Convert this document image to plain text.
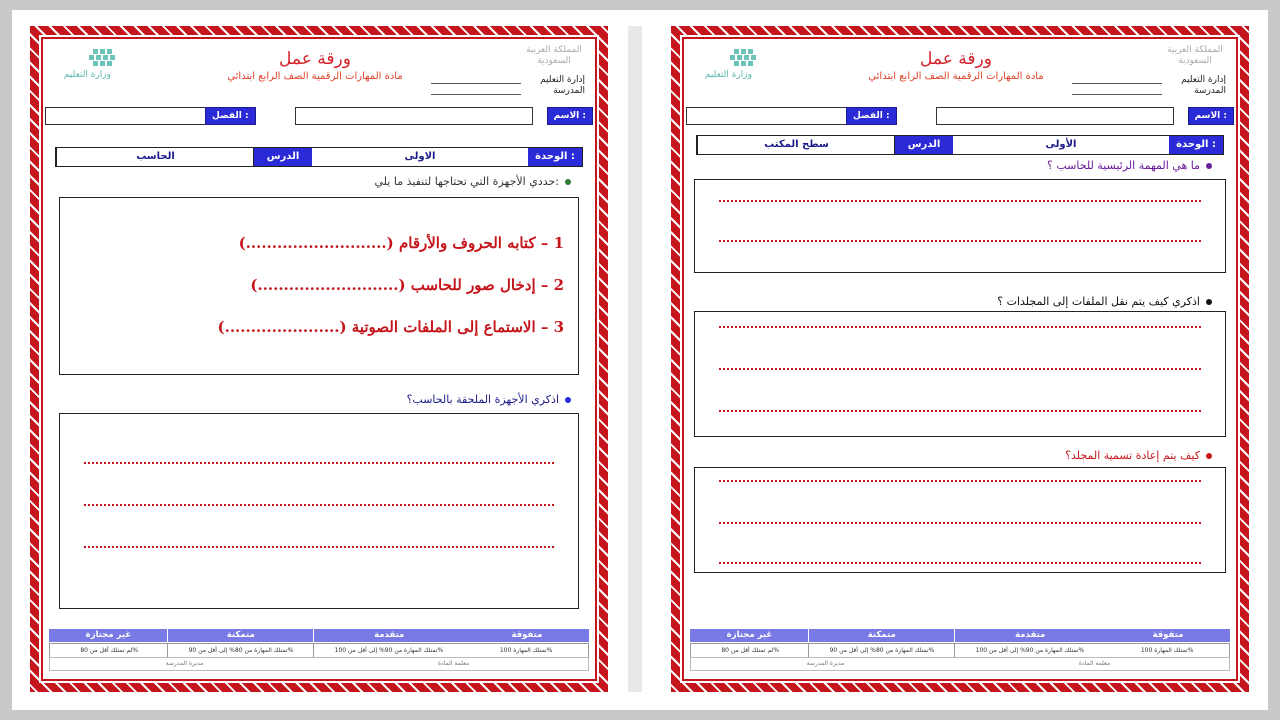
وزارة التعليم
ورقة عمل
مادة المهارات الرقمية الصف الرابع ابتدائي
المملكة العربية السعودية
إدارة التعليم
المدرسة
الاسم :
الفصل :
الوحدة :
الاولى
الدرس
الحاسب
حددي الأجهزة التي تحتاجها لتنفيذ ما يلي:
1 – كتابه الحروف والأرقام (...........................)
2 – إدخال صور للحاسب (...........................)
3 – الاستماع إلى الملفات الصوتية (......................)
اذكري الأجهزة الملحقة بالحاسب؟
متفوقة
متقدمة
متمكنة
غير مجتازة
تمتلك المهارة 100%
تمتلك المهارة من 90% إلى أقل من 100%
تمتلك المهارة من 80% إلى أقل من 90%
لم تمتلك أقل من 80%
معلمة المادة
مديرة المدرسة
وزارة التعليم
ورقة عمل
مادة المهارات الرقمية الصف الرابع ابتدائي
المملكة العربية السعودية
إدارة التعليم
المدرسة
الاسم :
الفصل :
الوحدة :
الأولى
الدرس
سطح المكتب
ما هي المهمة الرئيسية للحاسب ؟
اذكري كيف يتم نقل الملفات إلى المجلدات ؟
كيف يتم إعادة تسمية المجلد؟
متفوقة
متقدمة
متمكنة
غير مجتازة
تمتلك المهارة 100%
تمتلك المهارة من 90% إلى أقل من 100%
تمتلك المهارة من 80% إلى أقل من 90%
لم تمتلك أقل من 80%
معلمة المادة
مديرة المدرسة
